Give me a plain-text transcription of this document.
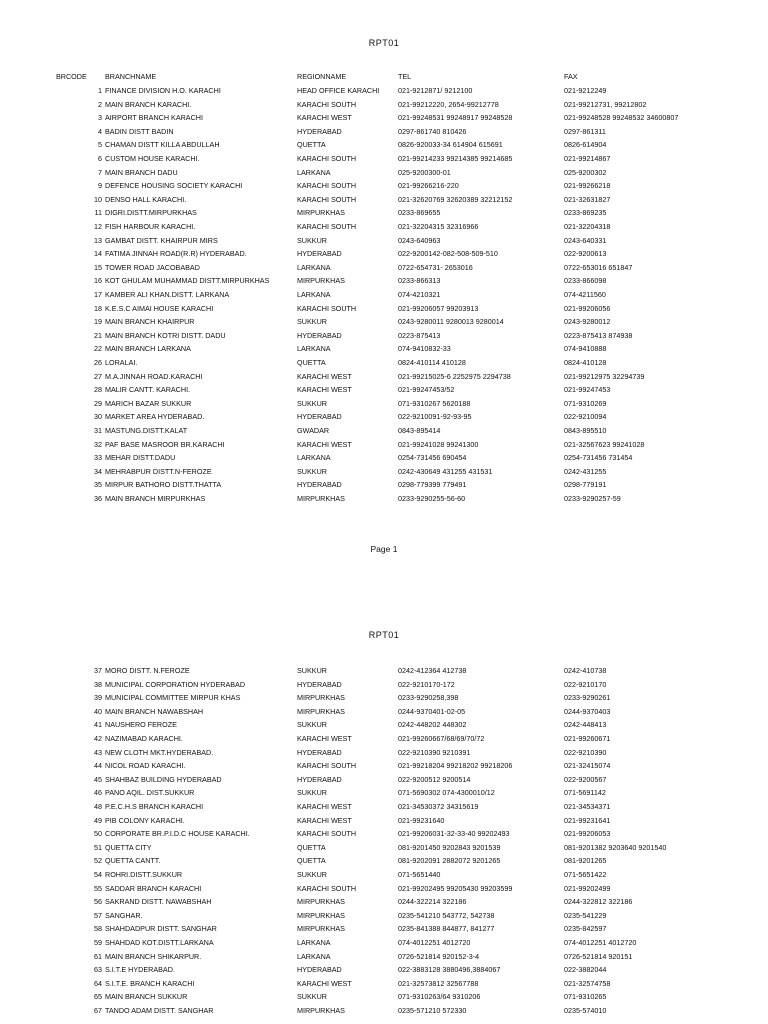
RPT01
BRCODE	BRANCHNAME	REGIONNAME	TEL	FAX
1 FINANCE DIVISION H.O. KARACHI	HEAD OFFICE KARACHI	021-9212871/ 9212100	021-9212249
2 MAIN BRANCH KARACHI.	KARACHI SOUTH	021-99212220, 2654-99212778	021-99212731, 99212802
3 AIRPORT BRANCH KARACHI	KARACHI WEST	021-99248531 99248917 99248528	021-99248528 99248532 34600807
4 BADIN DISTT BADIN	HYDERABAD	0297-861740 810426	0297-861311
5 CHAMAN DISTT KILLA ABDULLAH	QUETTA	0826-920033-34 614904 615691	0826-614904
6 CUSTOM HOUSE KARACHI.	KARACHI SOUTH	021-99214233 99214385 99214685	021-99214867
7 MAIN BRANCH DADU	LARKANA	025-9200300-01	025-9200302
9 DEFENCE HOUSING SOCIETY KARACHI	KARACHI SOUTH	021-99266216-220	021-99266218
10 DENSO HALL KARACHI.	KARACHI SOUTH	021-32620769 32620389 32212152	021-32631827
11 DIGRI.DISTT.MIRPURKHAS	MIRPURKHAS	0233-869655	0233-869235
12 FISH HARBOUR KARACHI.	KARACHI SOUTH	021-32204315 32316966	021-32204318
13 GAMBAT DISTT. KHAIRPUR MIRS	SUKKUR	0243-640963	0243-640331
14 FATIMA JINNAH ROAD(R.R) HYDERABAD.	HYDERABAD	022-9200142-082-508-509-510	022-9200613
15 TOWER ROAD JACOBABAD	LARKANA	0722-654731- 2653016	0722-653016 651847
16 KOT GHULAM MUHAMMAD DISTT.MIRPURKHAS	MIRPURKHAS	0233-866313	0233-866098
17 KAMBER ALI KHAN.DISTT. LARKANA	LARKANA	074-4210321	074-4211560
18 K.E.S.C AIMAI HOUSE KARACHI	KARACHI SOUTH	021-99206057 99203913	021-99206056
19 MAIN BRANCH KHAIRPUR	SUKKUR	0243-9280011 9280013 9280014	0243-9280012
21 MAIN BRANCH KOTRI DISTT. DADU	HYDERABAD	0223-875413	0223-875413 874938
22 MAIN BRANCH LARKANA	LARKANA	074-9410832-33	074-9410888
26 LORALAI.	QUETTA	0824-410114 410128	0824-410128
27 M.A.JINNAH ROAD.KARACHI	KARACHI WEST	021-99215025-6 2252975 2294738	021-99212975 32294739
28 MALIR CANTT. KARACHI.	KARACHI WEST	021-99247453/52	021-99247453
29 MARICH BAZAR SUKKUR	SUKKUR	071-9310267 5620188	071-9310269
30 MARKET AREA HYDERABAD.	HYDERABAD	022-9210091-92-93-95	022-9210094
31 MASTUNG.DISTT.KALAT	GWADAR	0843-895414	0843-895510
32 PAF BASE MASROOR BR.KARACHI	KARACHI WEST	021-99241028 99241300	021-32567623 99241028
33 MEHAR DISTT.DADU	LARKANA	0254-731456 690454	0254-731456 731454
34 MEHRABPUR DISTT.N-FEROZE	SUKKUR	0242-430649 431255 431531	0242-431255
35 MIRPUR BATHORO DISTT.THATTA	HYDERABAD	0298-779399 779491	0298-779191
36 MAIN BRANCH MIRPURKHAS	MIRPURKHAS	0233-9290255-56-60	0233-9290257-59
Page 1
RPT01
37 MORO DISTT. N.FEROZE	SUKKUR	0242-412364 412738	0242-410738
38 MUNICIPAL CORPORATION HYDERABAD	HYDERABAD	022-9210170-172	022-9210170
39 MUNICIPAL COMMITTEE MIRPUR KHAS	MIRPURKHAS	0233-9290258,398	0233-9290261
40 MAIN BRANCH NAWABSHAH	MIRPURKHAS	0244-9370401-02-05	0244-9370403
41 NAUSHERO FEROZE	SUKKUR	0242-448202 448302	0242-448413
42 NAZIMABAD KARACHI.	KARACHI WEST	021-99260667/68/69/70/72	021-99260671
43 NEW CLOTH MKT.HYDERABAD.	HYDERABAD	022-9210390 9210391	022-9210390
44 NICOL ROAD KARACHI.	KARACHI SOUTH	021-99218204 99218202 99218206	021-32415074
45 SHAHBAZ BUILDING HYDERABAD	HYDERABAD	022-9200512 9200514	022-9200567
46 PANO AQIL. DIST.SUKKUR	SUKKUR	071-5690302 074-4300010/12	071-5691142
48 P.E.C.H.S BRANCH KARACHI	KARACHI WEST	021-34530372 34315619	021-34534371
49 PIB COLONY KARACHI.	KARACHI WEST	021-99231640	021-99231641
50 CORPORATE BR.P.I.D.C HOUSE KARACHI.	KARACHI SOUTH	021-99206031-32-33-40 99202493	021-99206053
51 QUETTA CITY	QUETTA	081-9201450 9202843 9201539	081-9201382 9203640 9201540
52 QUETTA CANTT.	QUETTA	081-9202091 2882072 9201265	081-9201265
54 ROHRI.DISTT.SUKKUR	SUKKUR	071-5651440	071-5651422
55 SADDAR BRANCH KARACHI	KARACHI SOUTH	021-99202495 99205430 99203599	021-99202499
56 SAKRAND DISTT. NAWABSHAH	MIRPURKHAS	0244-322214 322186	0244-322812 322186
57 SANGHAR.	MIRPURKHAS	0235-541210 543772, 542738	0235-541229
58 SHAHDADPUR DISTT. SANGHAR	MIRPURKHAS	0235-841388 844877, 841277	0235-842597
59 SHAHDAD KOT.DISTT.LARKANA	LARKANA	074-4012251 4012720	074-4012251 4012720
61 MAIN BRANCH SHIKARPUR.	LARKANA	0726-521814 920152-3-4	0726-521814 920151
63 S.I.T.E HYDERABAD.	HYDERABAD	022-3883128 3880496,3884067	022-3882044
64 S.I.T.E. BRANCH KARACHI	KARACHI WEST	021-32573812 32567788	021-32574758
65 MAIN BRANCH SUKKUR	SUKKUR	071-9310263/64 9310206	071-9310265
67 TANDO ADAM DISTT. SANGHAR	MIRPURKHAS	0235-571210 572330	0235-574010
